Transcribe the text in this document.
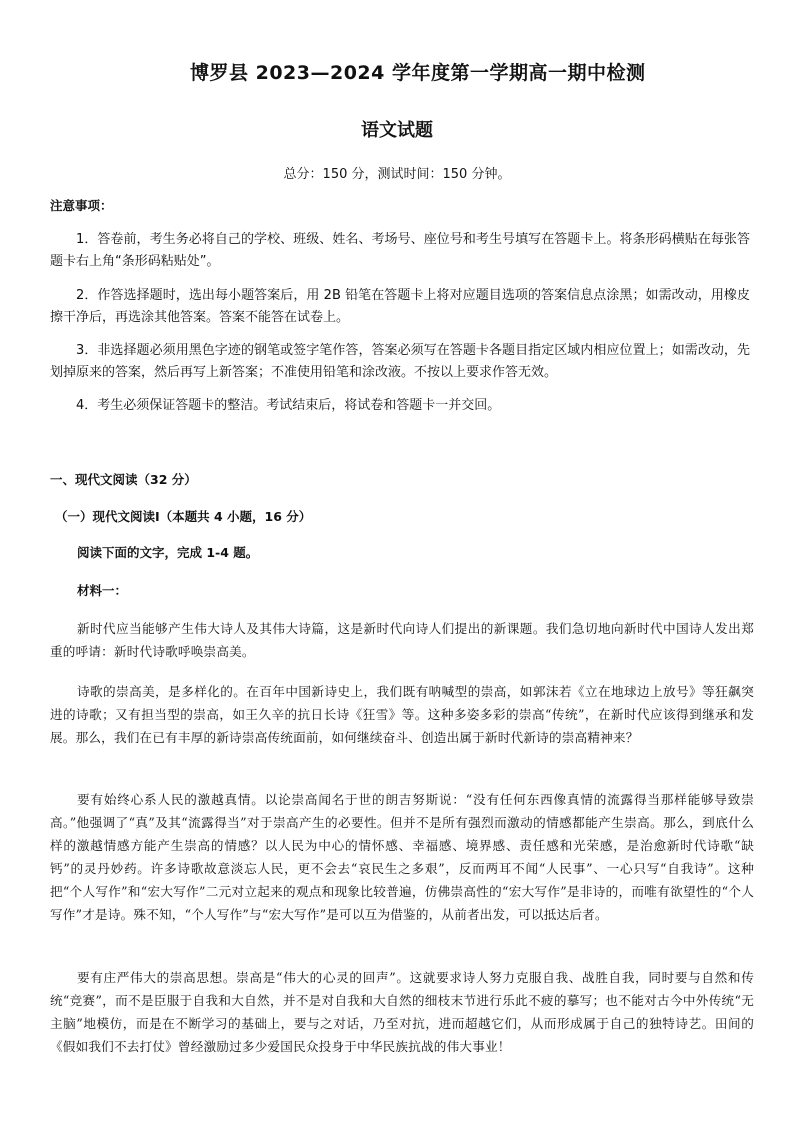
博罗县 2023—2024 学年度第一学期高一期中检测
语文试题
总分：150 分，测试时间：150 分钟。
注意事项：

1．答卷前，考生务必将自己的学校、班级、姓名、考场号、座位号和考生号填写在答题卡上。将条形码横贴在每张答题卡右上角“条形码粘贴处”。

2．作答选择题时，选出每小题答案后，用 2B 铅笔在答题卡上将对应题目选项的答案信息点涂黑；如需改动，用橡皮擦干净后，再选涂其他答案。答案不能答在试卷上。

3．非选择题必须用黑色字迹的钢笔或签字笔作答，答案必须写在答题卡各题目指定区域内相应位置上；如需改动，先划掉原来的答案，然后再写上新答案；不准使用铅笔和涂改液。不按以上要求作答无效。

4．考生必须保证答题卡的整洁。考试结束后，将试卷和答题卡一并交回。

一、现代文阅读（32 分）
（一）现代文阅读Ⅰ（本题共 4 小题，16 分）
阅读下面的文字，完成 1-4 题。
材料一：

新时代应当能够产生伟大诗人及其伟大诗篇，这是新时代向诗人们提出的新课题。我们急切地向新时代中国诗人发出郑重的呼请：新时代诗歌呼唤崇高美。

诗歌的崇高美，是多样化的。在百年中国新诗史上，我们既有呐喊型的崇高，如郭沫若《立在地球边上放号》等狂飙突进的诗歌；又有担当型的崇高，如王久辛的抗日长诗《狂雪》等。这种多姿多彩的崇高“传统”，在新时代应该得到继承和发展。那么，我们在已有丰厚的新诗崇高传统面前，如何继续奋斗、创造出属于新时代新诗的崇高精神来？

要有始终心系人民的激越真情。以论崇高闻名于世的朗吉努斯说：“没有任何东西像真情的流露得当那样能够导致崇高。”他强调了“真”及其“流露得当”对于崇高产生的必要性。但并不是所有强烈而激动的情感都能产生崇高。那么，到底什么样的激越情感方能产生崇高的情感？以人民为中心的情怀感、幸福感、境界感、责任感和光荣感，是治愈新时代诗歌“缺钙”的灵丹妙药。许多诗歌故意淡忘人民，更不会去“哀民生之多艰”，反而两耳不闻“人民事”、一心只写“自我诗”。这种把“个人写作”和“宏大写作”二元对立起来的观点和现象比较普遍，仿佛崇高性的“宏大写作”是非诗的，而唯有欲望性的“个人写作”才是诗。殊不知，“个人写作”与“宏大写作”是可以互为借鉴的，从前者出发，可以抵达后者。

要有庄严伟大的崇高思想。崇高是“伟大的心灵的回声”。这就要求诗人努力克服自我、战胜自我，同时要与自然和传统“竞赛”，而不是臣服于自我和大自然，并不是对自我和大自然的细枝末节进行乐此不疲的摹写；也不能对古今中外传统“无主脑”地模仿，而是在不断学习的基础上，要与之对话，乃至对抗，进而超越它们，从而形成属于自己的独特诗艺。田间的《假如我们不去打仗》曾经激励过多少爱国民众投身于中华民族抗战的伟大事业！
